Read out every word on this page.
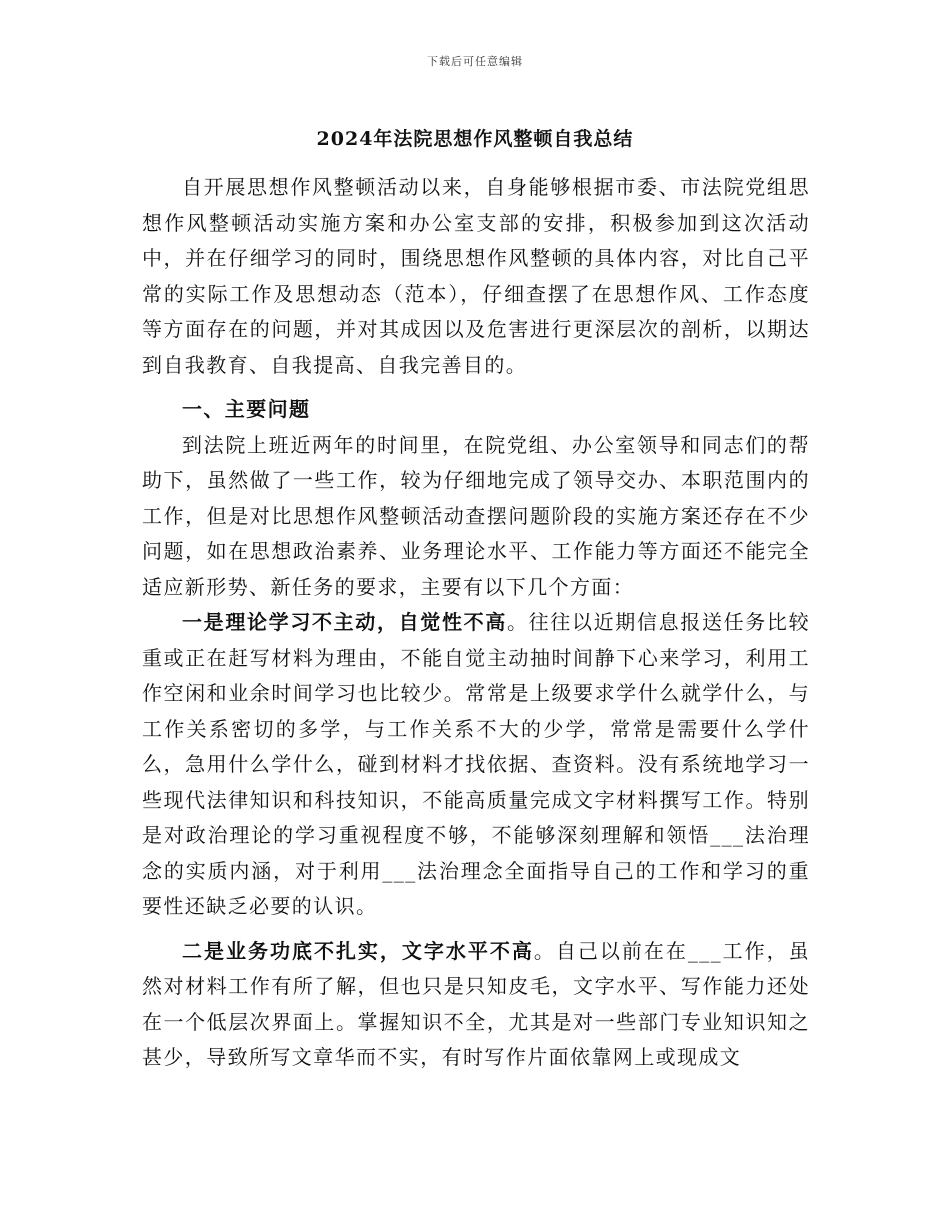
下载后可任意编辑
2024年法院思想作风整顿自我总结

自开展思想作风整顿活动以来，自身能够根据市委、市法院党组思想作风整顿活动实施方案和办公室支部的安排，积极参加到这次活动中，并在仔细学习的同时，围绕思想作风整顿的具体内容，对比自己平常的实际工作及思想动态（范本），仔细查摆了在思想作风、工作态度等方面存在的问题，并对其成因以及危害进行更深层次的剖析，以期达到自我教育、自我提高、自我完善目的。

一、主要问题

到法院上班近两年的时间里，在院党组、办公室领导和同志们的帮助下，虽然做了一些工作，较为仔细地完成了领导交办、本职范围内的工作，但是对比思想作风整顿活动查摆问题阶段的实施方案还存在不少问题，如在思想政治素养、业务理论水平、工作能力等方面还不能完全适应新形势、新任务的要求，主要有以下几个方面：

一是理论学习不主动，自觉性不高。往往以近期信息报送任务比较重或正在赶写材料为理由，不能自觉主动抽时间静下心来学习，利用工作空闲和业余时间学习也比较少。常常是上级要求学什么就学什么，与工作关系密切的多学，与工作关系不大的少学，常常是需要什么学什么，急用什么学什么，碰到材料才找依据、查资料。没有系统地学习一些现代法律知识和科技知识，不能高质量完成文字材料撰写工作。特别是对政治理论的学习重视程度不够，不能够深刻理解和领悟___法治理念的实质内涵，对于利用___法治理念全面指导自己的工作和学习的重要性还缺乏必要的认识。

二是业务功底不扎实，文字水平不高。自己以前在在___工作，虽然对材料工作有所了解，但也只是只知皮毛，文字水平、写作能力还处在一个低层次界面上。掌握知识不全，尤其是对一些部门专业知识知之甚少，导致所写文章华而不实，有时写作片面依靠网上或现成文
